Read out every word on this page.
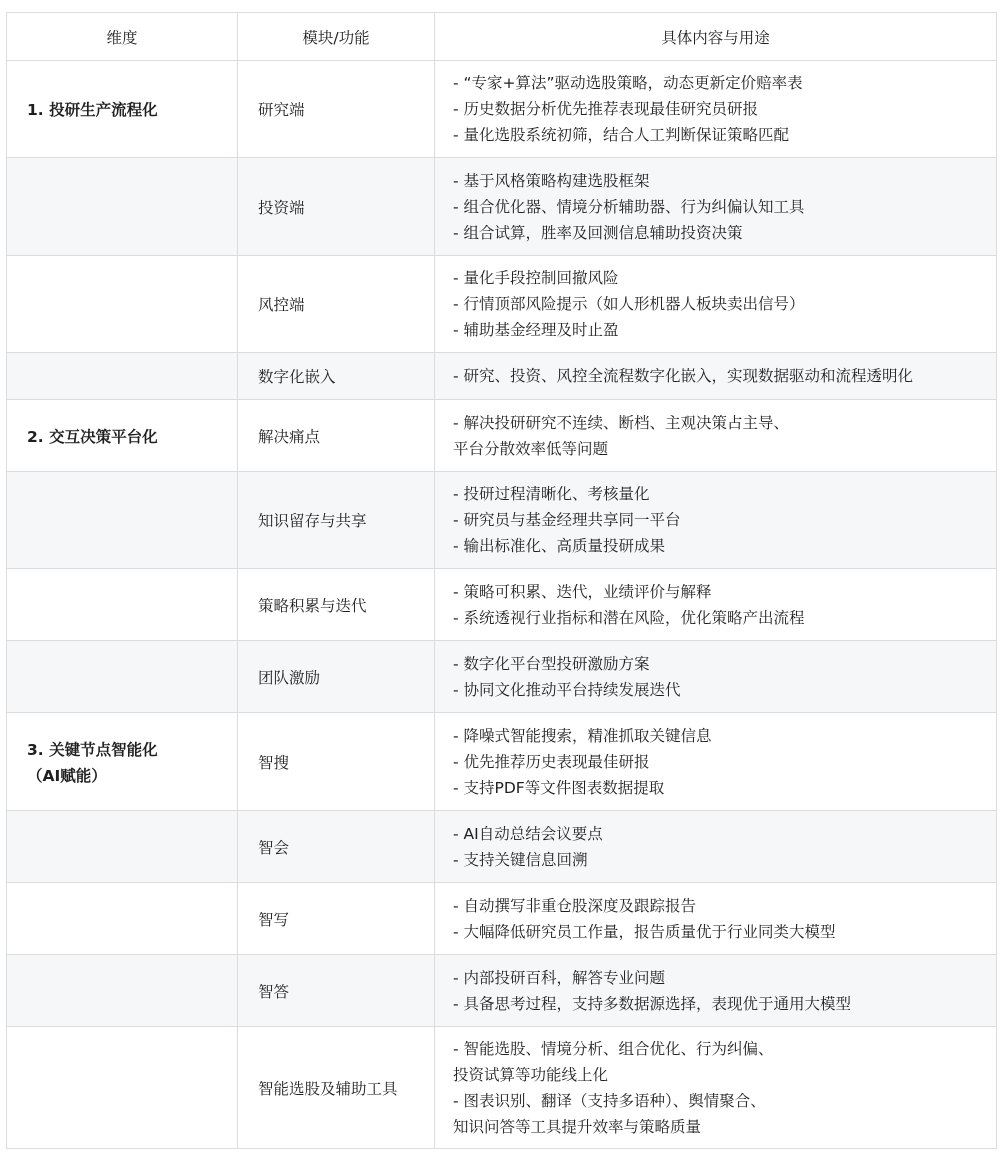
维度	模块/功能	具体内容与用途

1. 投研生产流程化	研究端	- “专家+算法”驱动选股策略，动态更新定价赔率表
- 历史数据分析优先推荐表现最佳研究员研报
- 量化选股系统初筛，结合人工判断保证策略匹配

	投资端	- 基于风格策略构建选股框架
- 组合优化器、情境分析辅助器、行为纠偏认知工具
- 组合试算，胜率及回测信息辅助投资决策

	风控端	- 量化手段控制回撤风险
- 行情顶部风险提示（如人形机器人板块卖出信号）
- 辅助基金经理及时止盈

	数字化嵌入	- 研究、投资、风控全流程数字化嵌入，实现数据驱动和流程透明化

2. 交互决策平台化	解决痛点	- 解决投研研究不连续、断档、主观决策占主导、
平台分散效率低等问题

	知识留存与共享	- 投研过程清晰化、考核量化
- 研究员与基金经理共享同一平台
- 输出标准化、高质量投研成果

	策略积累与迭代	- 策略可积累、迭代，业绩评价与解释
- 系统透视行业指标和潜在风险，优化策略产出流程

	团队激励	- 数字化平台型投研激励方案
- 协同文化推动平台持续发展迭代

3. 关键节点智能化
（AI赋能）	智搜	- 降噪式智能搜索，精准抓取关键信息
- 优先推荐历史表现最佳研报
- 支持PDF等文件图表数据提取

	智会	- AI自动总结会议要点
- 支持关键信息回溯

	智写	- 自动撰写非重仓股深度及跟踪报告
- 大幅降低研究员工作量，报告质量优于行业同类大模型

	智答	- 内部投研百科，解答专业问题
- 具备思考过程，支持多数据源选择，表现优于通用大模型

	智能选股及辅助工具	- 智能选股、情境分析、组合优化、行为纠偏、
投资试算等功能线上化
- 图表识别、翻译（支持多语种）、舆情聚合、
知识问答等工具提升效率与策略质量
